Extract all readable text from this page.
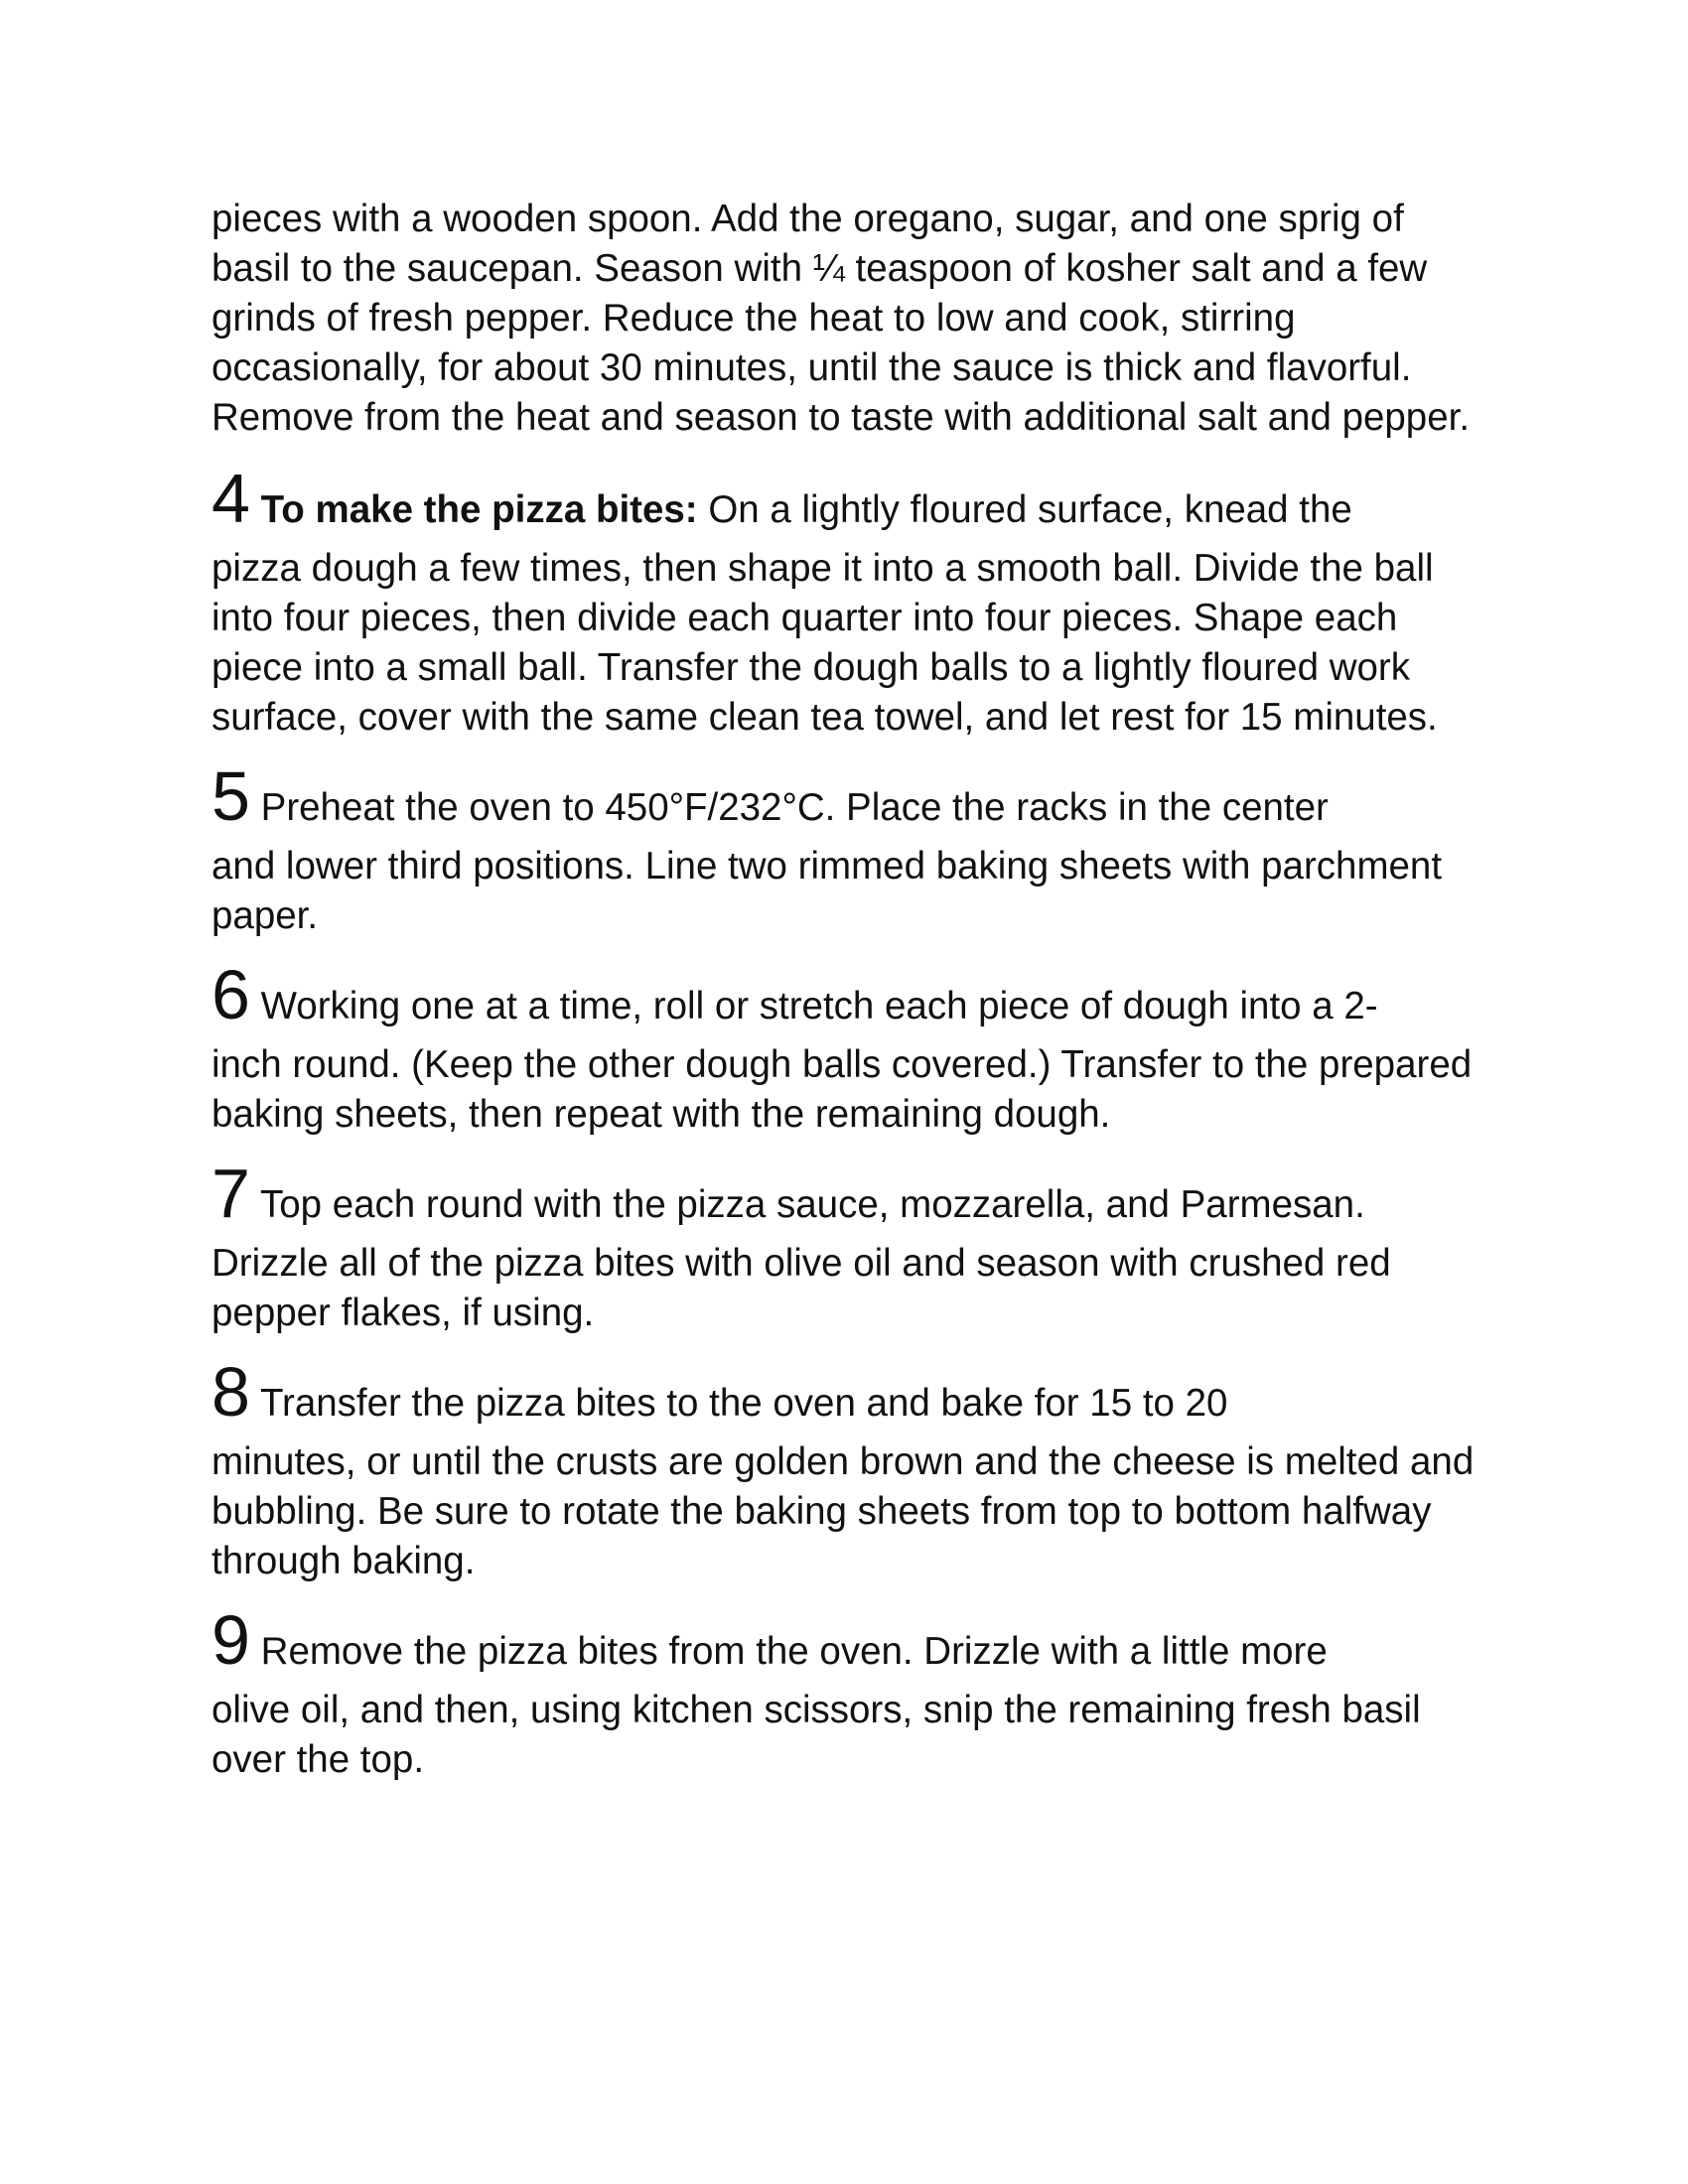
pieces with a wooden spoon. Add the oregano, sugar, and one sprig of basil to the saucepan. Season with ¼ teaspoon of kosher salt and a few grinds of fresh pepper. Reduce the heat to low and cook, stirring occasionally, for about 30 minutes, until the sauce is thick and flavorful. Remove from the heat and season to taste with additional salt and pepper.

4 To make the pizza bites: On a lightly floured surface, knead the
pizza dough a few times, then shape it into a smooth ball. Divide the ball into four pieces, then divide each quarter into four pieces. Shape each piece into a small ball. Transfer the dough balls to a lightly floured work surface, cover with the same clean tea towel, and let rest for 15 minutes.
5 Preheat the oven to 450°F/232°C. Place the racks in the center
and lower third positions. Line two rimmed baking sheets with parchment paper.
6 Working one at a time, roll or stretch each piece of dough into a 2-
inch round. (Keep the other dough balls covered.) Transfer to the prepared baking sheets, then repeat with the remaining dough.
7 Top each round with the pizza sauce, mozzarella, and Parmesan.
Drizzle all of the pizza bites with olive oil and season with crushed red pepper flakes, if using.
8 Transfer the pizza bites to the oven and bake for 15 to 20
minutes, or until the crusts are golden brown and the cheese is melted and bubbling. Be sure to rotate the baking sheets from top to bottom halfway through baking.
9 Remove the pizza bites from the oven. Drizzle with a little more
olive oil, and then, using kitchen scissors, snip the remaining fresh basil over the top.
